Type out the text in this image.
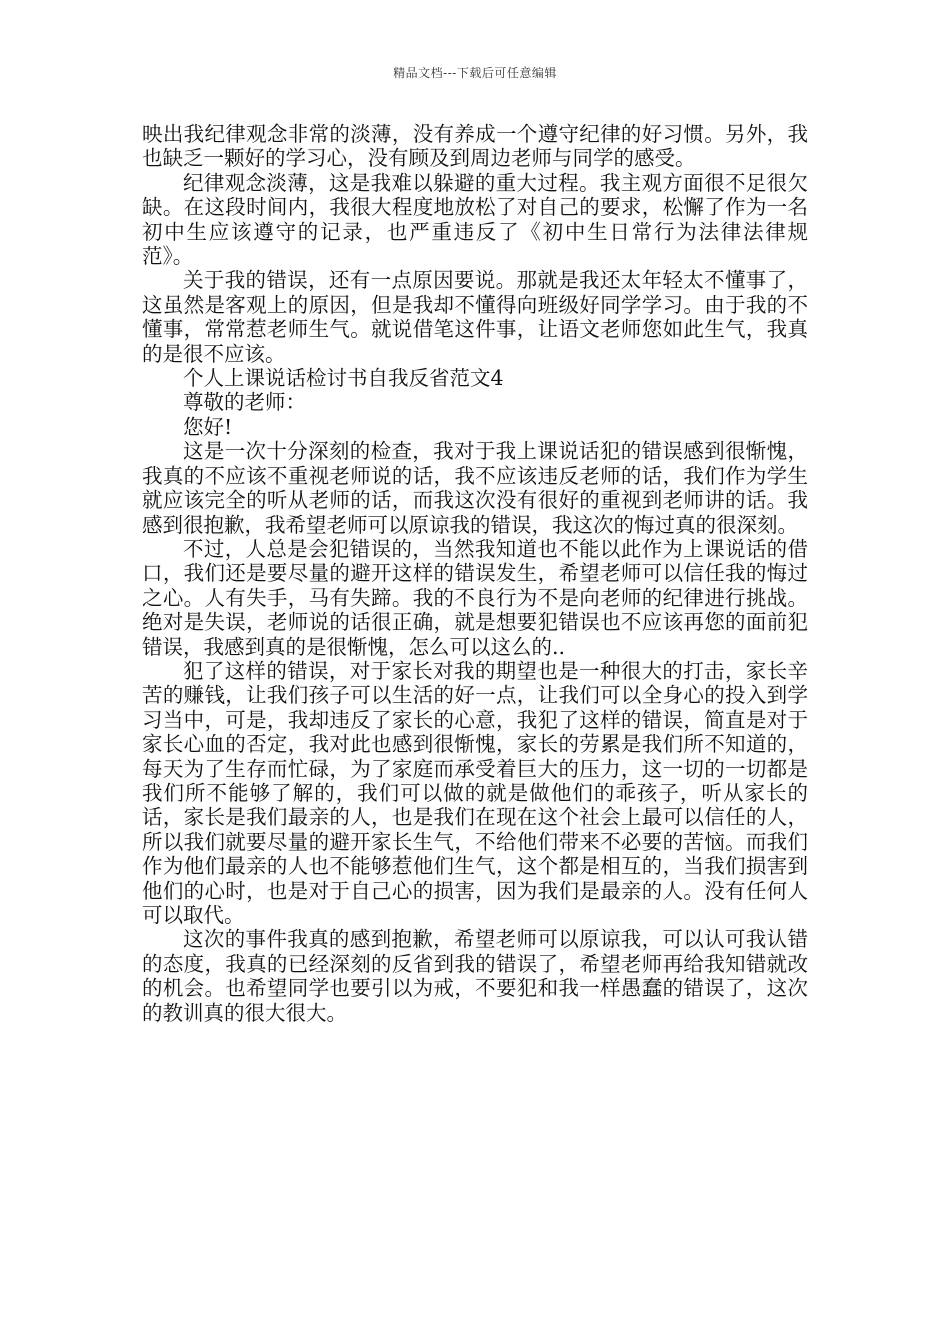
精品文档---下载后可任意编辑

映出我纪律观念非常的淡薄，没有养成一个遵守纪律的好习惯。另外，我也缺乏一颗好的学习心，没有顾及到周边老师与同学的感受。

纪律观念淡薄，这是我难以躲避的重大过程。我主观方面很不足很欠缺。在这段时间内，我很大程度地放松了对自己的要求，松懈了作为一名初中生应该遵守的记录，也严重违反了《初中生日常行为法律法律规范》。

关于我的错误，还有一点原因要说。那就是我还太年轻太不懂事了，这虽然是客观上的原因，但是我却不懂得向班级好同学学习。由于我的不懂事，常常惹老师生气。就说借笔这件事，让语文老师您如此生气，我真的是很不应该。

个人上课说话检讨书自我反省范文4

尊敬的老师：

您好!

这是一次十分深刻的检查，我对于我上课说话犯的错误感到很惭愧，我真的不应该不重视老师说的话，我不应该违反老师的话，我们作为学生就应该完全的听从老师的话，而我这次没有很好的重视到老师讲的话。我感到很抱歉，我希望老师可以原谅我的错误，我这次的悔过真的很深刻。

不过，人总是会犯错误的，当然我知道也不能以此作为上课说话的借口，我们还是要尽量的避开这样的错误发生，希望老师可以信任我的悔过之心。人有失手，马有失蹄。我的不良行为不是向老师的纪律进行挑战。绝对是失误，老师说的话很正确，就是想要犯错误也不应该再您的面前犯错误，我感到真的是很惭愧，怎么可以这么的..

犯了这样的错误，对于家长对我的期望也是一种很大的打击，家长辛苦的赚钱，让我们孩子可以生活的好一点，让我们可以全身心的投入到学习当中，可是，我却违反了家长的心意，我犯了这样的错误，简直是对于家长心血的否定，我对此也感到很惭愧，家长的劳累是我们所不知道的，每天为了生存而忙碌，为了家庭而承受着巨大的压力，这一切的一切都是我们所不能够了解的，我们可以做的就是做他们的乖孩子，听从家长的话，家长是我们最亲的人，也是我们在现在这个社会上最可以信任的人，所以我们就要尽量的避开家长生气，不给他们带来不必要的苦恼。而我们作为他们最亲的人也不能够惹他们生气，这个都是相互的，当我们损害到他们的心时，也是对于自己心的损害，因为我们是最亲的人。没有任何人可以取代。

这次的事件我真的感到抱歉，希望老师可以原谅我，可以认可我认错的态度，我真的已经深刻的反省到我的错误了，希望老师再给我知错就改的机会。也希望同学也要引以为戒，不要犯和我一样愚蠢的错误了，这次的教训真的很大很大。
